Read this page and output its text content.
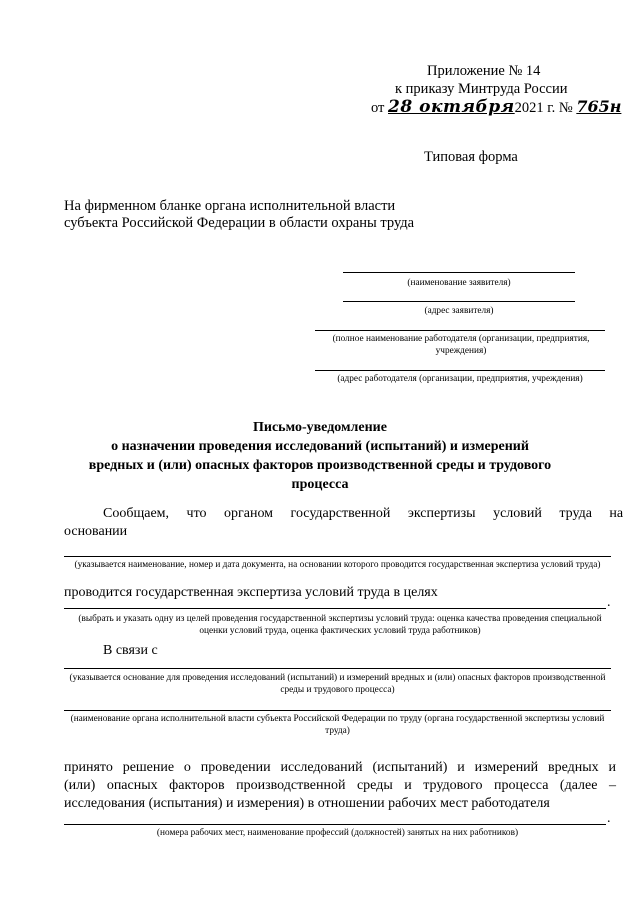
Приложение № 14
к приказу Минтруда России
от 28 октября2021 г. № 765н
Типовая форма
На фирменном бланке органа исполнительной власти
субъекта Российской Федерации в области охраны труда
(наименование заявителя)
(адрес заявителя)
(полное наименование работодателя (организации, предприятия, учреждения)
(адрес работодателя (организации, предприятия, учреждения)
Письмо-уведомление
о назначении проведения исследований (испытаний) и измерений
вредных и (или) опасных факторов производственной среды и трудового
процесса
Сообщаем, что органом государственной экспертизы условий труда на
основании
(указывается наименование, номер и дата документа, на основании которого проводится государственная экспертиза условий труда)
проводится государственная экспертиза условий труда в целях
.
(выбрать и указать одну из целей проведения государственной экспертизы условий труда: оценка качества проведения специальной оценки условий труда, оценка фактических условий труда работников)
В связи с
(указывается основание для проведения исследований (испытаний) и измерений вредных и (или) опасных факторов производственной среды и трудового процесса)
(наименование органа исполнительной власти субъекта Российской Федерации по труду (органа государственной экспертизы условий труда)
принято решение о проведении исследований (испытаний) и измерений вредных и
(или) опасных факторов производственной среды и трудового процесса (далее –
исследования (испытания) и измерения) в отношении рабочих мест работодателя
.
(номера рабочих мест, наименование профессий (должностей) занятых на них работников)
